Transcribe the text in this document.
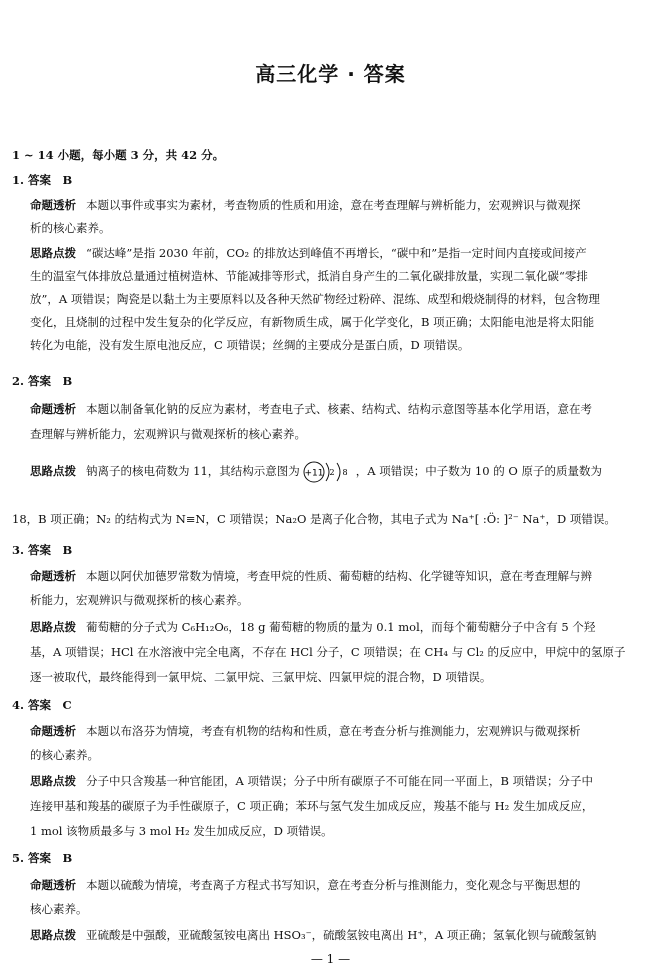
高三化学 · 答案
1 ~ 14 小题，每小题 3 分，共 42 分。
1. 答案　B
命题透析 本题以事件或事实为素材，考查物质的性质和用途，意在考查理解与辨析能力，宏观辨识与微观探
析的核心素养。
思路点拨 “碳达峰”是指 2030 年前，CO₂ 的排放达到峰值不再增长，“碳中和”是指一定时间内直接或间接产
生的温室气体排放总量通过植树造林、节能减排等形式，抵消自身产生的二氧化碳排放量，实现二氧化碳“零排
放”，A 项错误；陶瓷是以黏土为主要原料以及各种天然矿物经过粉碎、混练、成型和煅烧制得的材料，包含物理
变化，且烧制的过程中发生复杂的化学反应，有新物质生成，属于化学变化，B 项正确；太阳能电池是将太阳能
转化为电能，没有发生原电池反应，C 项错误；丝绸的主要成分是蛋白质，D 项错误。
2. 答案　B
命题透析 本题以制备氧化钠的反应为素材，考查电子式、核素、结构式、结构示意图等基本化学用语，意在考
查理解与辨析能力，宏观辨识与微观探析的核心素养。
思路点拨 钠离子的核电荷数为 11，其结构示意图为 +11 2 8 ，A 项错误；中子数为 10 的 O 原子的质量数为
18，B 项正确；N₂ 的结构式为 N≡N，C 项错误；Na₂O 是离子化合物，其电子式为 Na⁺[ :Ö: ]²⁻ Na⁺，D 项错误。
3. 答案　B
命题透析 本题以阿伏加德罗常数为情境，考查甲烷的性质、葡萄糖的结构、化学键等知识，意在考查理解与辨
析能力，宏观辨识与微观探析的核心素养。
思路点拨 葡萄糖的分子式为 C₆H₁₂O₆，18 g 葡萄糖的物质的量为 0.1 mol，而每个葡萄糖分子中含有 5 个羟
基，A 项错误；HCl 在水溶液中完全电离，不存在 HCl 分子，C 项错误；在 CH₄ 与 Cl₂ 的反应中，甲烷中的氢原子
逐一被取代，最终能得到一氯甲烷、二氯甲烷、三氯甲烷、四氯甲烷的混合物，D 项错误。
4. 答案　C
命题透析 本题以布洛芬为情境，考查有机物的结构和性质，意在考查分析与推测能力，宏观辨识与微观探析
的核心素养。
思路点拨 分子中只含羧基一种官能团，A 项错误；分子中所有碳原子不可能在同一平面上，B 项错误；分子中
连接甲基和羧基的碳原子为手性碳原子，C 项正确；苯环与氢气发生加成反应，羧基不能与 H₂ 发生加成反应，
1 mol 该物质最多与 3 mol H₂ 发生加成反应，D 项错误。
5. 答案　B
命题透析 本题以硫酸为情境，考查离子方程式书写知识，意在考查分析与推测能力，变化观念与平衡思想的
核心素养。
思路点拨 亚硫酸是中强酸，亚硫酸氢铵电离出 HSO₃⁻，硫酸氢铵电离出 H⁺，A 项正确；氢氧化钡与硫酸氢钠
— 1 —
